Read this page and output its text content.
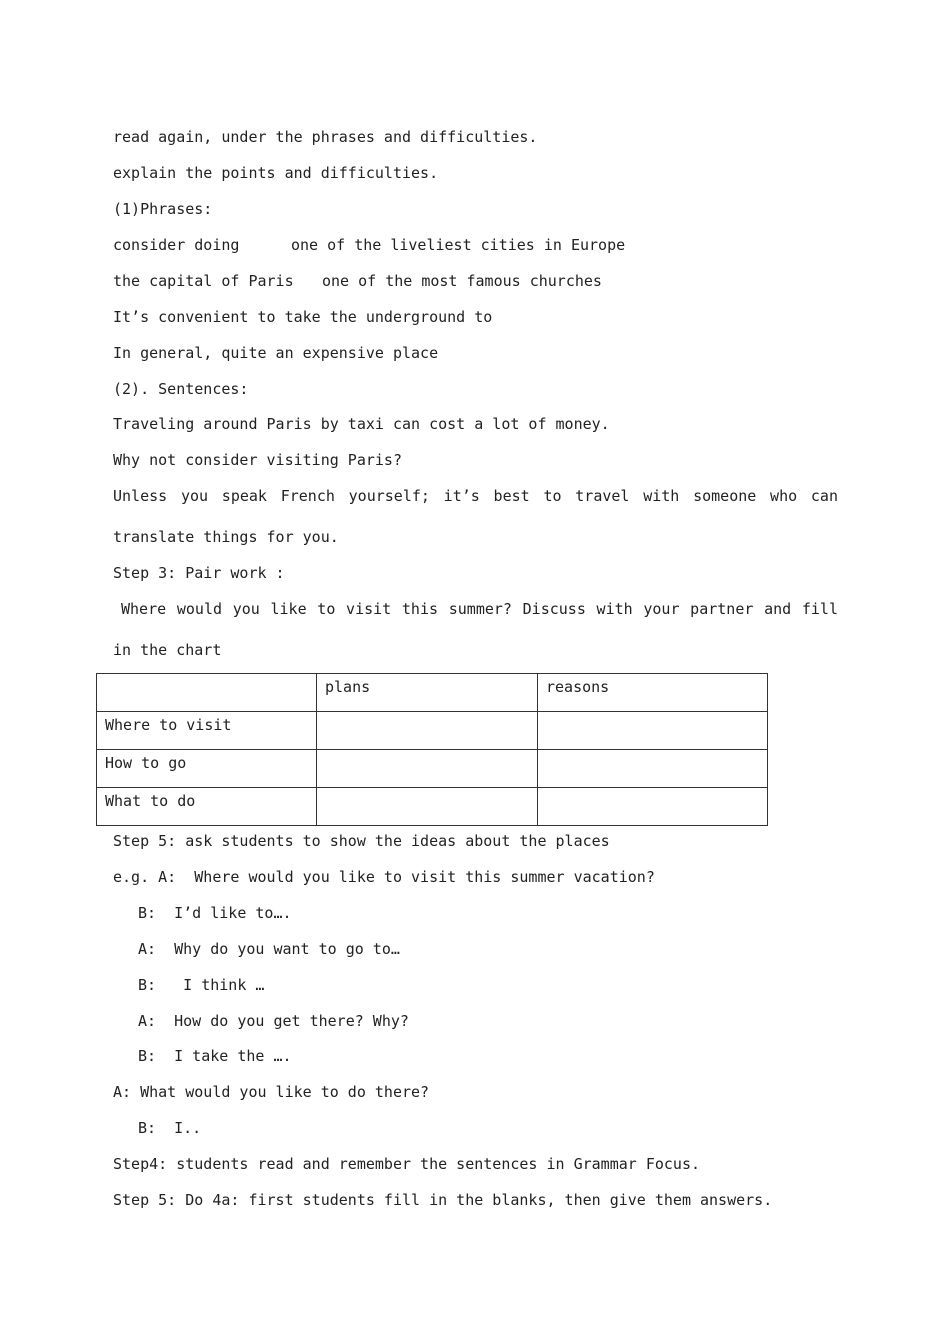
read again, under the phrases and difficulties.
explain the points and difficulties.
(1)Phrases:
consider doing	one of the liveliest cities in Europe
the capital of Paris one of the most famous churches
It’s convenient to take the underground to
In general, quite an expensive place
(2). Sentences:
Traveling around Paris by taxi can cost a lot of money.
Why not consider visiting Paris?
Unless you speak French yourself; it’s best to travel with someone who can translate things for you.
Step 3: Pair work :
Where would you like to visit this summer? Discuss with your partner and fill in the chart
	plans	reasons
Where to visit		
How to go		
What to do		
Step 5: ask students to show the ideas about the places
e.g. A:  Where would you like to visit this summer vacation?
B:  I’d like to….
A:  Why do you want to go to…
B:   I think …
A:  How do you get there? Why?
B:  I take the ….
A: What would you like to do there?
B:  I..
Step4: students read and remember the sentences in Grammar Focus.
Step 5: Do 4a: first students fill in the blanks, then give them answers.
